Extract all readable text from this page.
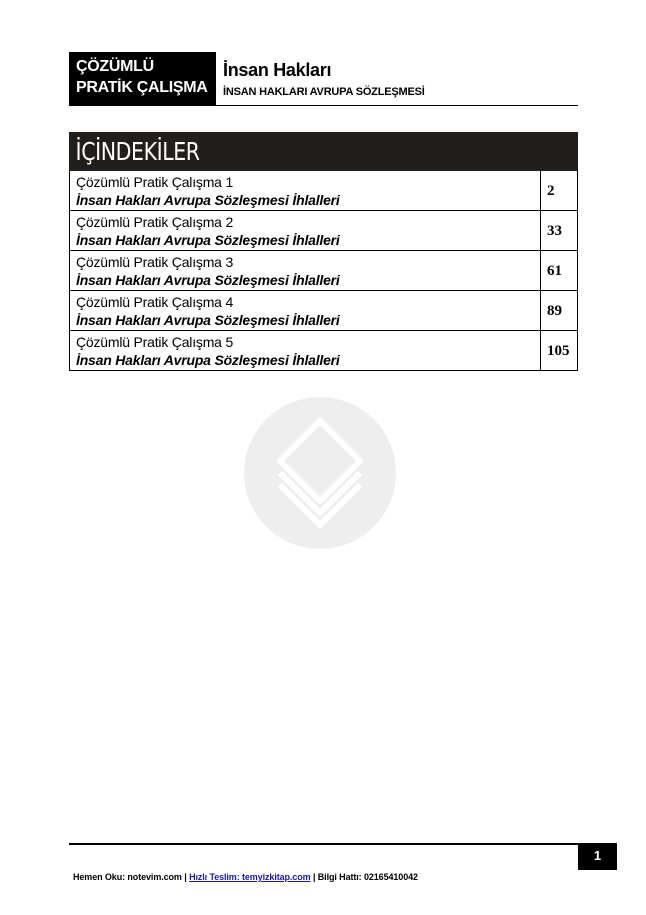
ÇÖZÜMLÜ
PRATİK ÇALIŞMA
İnsan Hakları
İNSAN HAKLARI AVRUPA SÖZLEŞMESİ
İÇİNDEKİLER
Çözümlü Pratik Çalışma 1
İnsan Hakları Avrupa Sözleşmesi İhlalleri
2
Çözümlü Pratik Çalışma 2
İnsan Hakları Avrupa Sözleşmesi İhlalleri
33
Çözümlü Pratik Çalışma 3
İnsan Hakları Avrupa Sözleşmesi İhlalleri
61
Çözümlü Pratik Çalışma 4
İnsan Hakları Avrupa Sözleşmesi İhlalleri
89
Çözümlü Pratik Çalışma 5
İnsan Hakları Avrupa Sözleşmesi İhlalleri
105
1
Hemen Oku: notevim.com | Hızlı Teslim: temyizkitap.com | Bilgi Hattı: 02165410042
